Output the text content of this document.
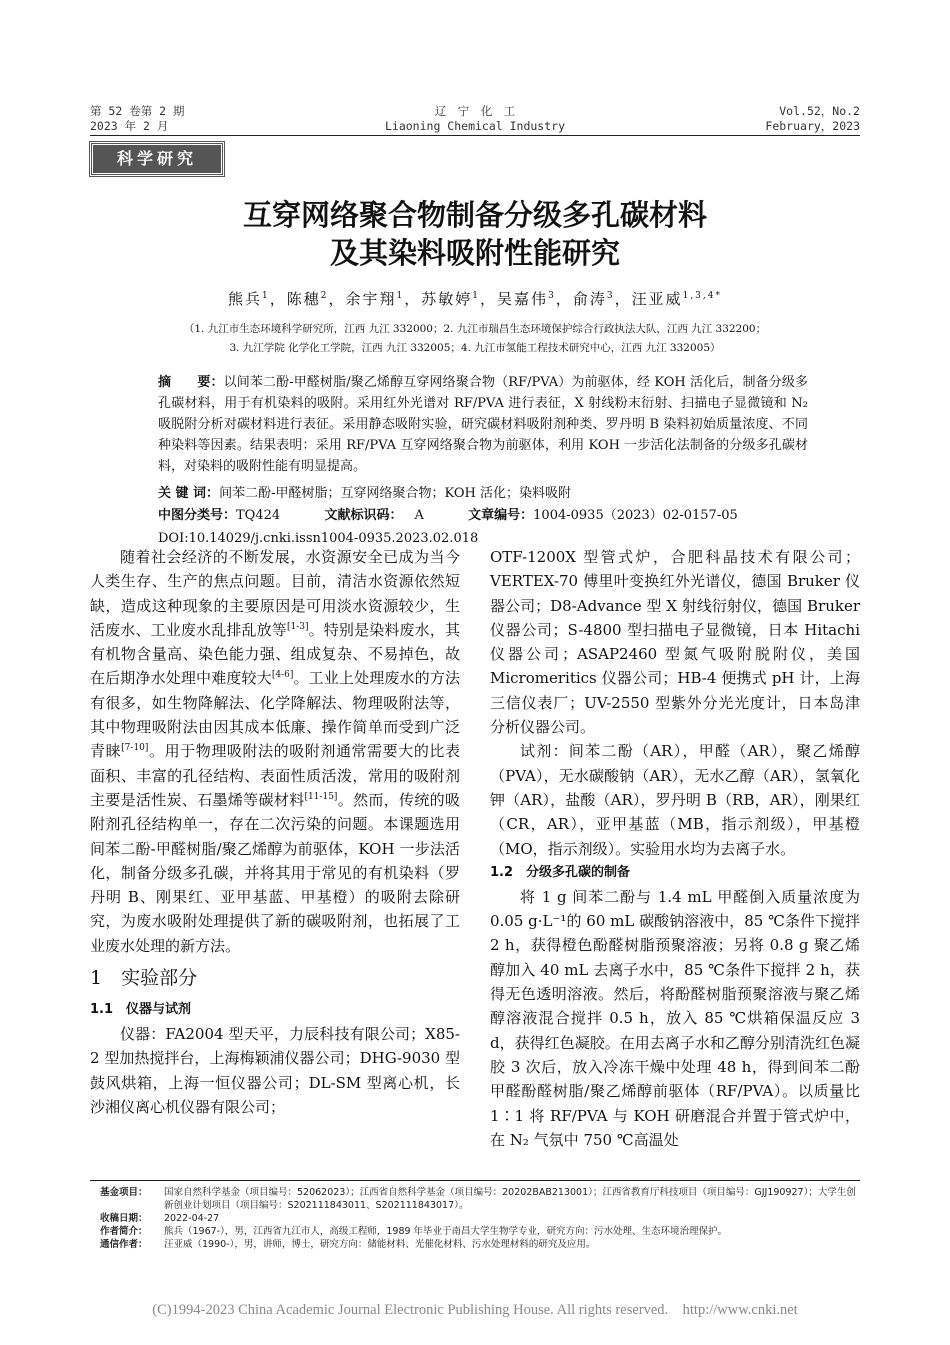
第 52 卷第 2 期
2023 年 2 月
辽　宁　化　工
Liaoning Chemical Industry
Vol.52，No.2
February，2023
科学研究
互穿网络聚合物制备分级多孔碳材料
及其染料吸附性能研究
熊兵$^1$，陈穗$^2$，余宇翔$^1$，苏敏婷$^1$，吴嘉伟$^3$，俞涛$^3$，汪亚威$^{1,3,4*}$
（1. 九江市生态环境科学研究所，江西 九江 332000；2. 九江市瑞昌生态环境保护综合行政执法大队，江西 九江 332200；
3. 九江学院 化学化工学院，江西 九江 332005；4. 九江市氢能工程技术研究中心，江西 九江 332005）
摘　　要：以间苯二酚-甲醛树脂/聚乙烯醇互穿网络聚合物（RF/PVA）为前驱体，经 KOH 活化后，制备分级多孔碳材料，用于有机染料的吸附。采用红外光谱对 RF/PVA 进行表征，X 射线粉末衍射、扫描电子显微镜和 N₂吸脱附分析对碳材料进行表征。采用静态吸附实验，研究碳材料吸附剂种类、罗丹明 B 染料初始质量浓度、不同种染料等因素。结果表明：采用 RF/PVA 互穿网络聚合物为前驱体，利用 KOH 一步活化法制备的分级多孔碳材料，对染料的吸附性能有明显提高。
关 键 词：间苯二酚-甲醛树脂；互穿网络聚合物；KOH 活化；染料吸附
中图分类号：TQ424	文献标识码： A	文章编号：1004-0935（2023）02-0157-05
DOI:10.14029/j.cnki.issn1004-0935.2023.02.018

随着社会经济的不断发展，水资源安全已成为当今人类生存、生产的焦点问题。目前，清洁水资源依然短缺，造成这种现象的主要原因是可用淡水资源较少，生活废水、工业废水乱排乱放等[1-3]。特别是染料废水，其有机物含量高、染色能力强、组成复杂、不易掉色，故在后期净水处理中难度较大[4-6]。工业上处理废水的方法有很多，如生物降解法、化学降解法、物理吸附法等，其中物理吸附法由因其成本低廉、操作简单而受到广泛青睐[7-10]。用于物理吸附法的吸附剂通常需要大的比表面积、丰富的孔径结构、表面性质活泼，常用的吸附剂主要是活性炭、石墨烯等碳材料[11-15]。然而，传统的吸附剂孔径结构单一，存在二次污染的问题。本课题选用间苯二酚-甲醛树脂/聚乙烯醇为前驱体，KOH 一步法活化，制备分级多孔碳，并将其用于常见的有机染料（罗丹明 B、刚果红、亚甲基蓝、甲基橙）的吸附去除研究，为废水吸附处理提供了新的碳吸附剂，也拓展了工业废水处理的新方法。

1　实验部分

1.1　仪器与试剂

仪器：FA2004 型天平，力辰科技有限公司；X85-2 型加热搅拌台，上海梅颖浦仪器公司；DHG-9030 型鼓风烘箱，上海一恒仪器公司；DL-SM 型离心机，长沙湘仪离心机仪器有限公司；

OTF-1200X 型管式炉，合肥科晶技术有限公司；VERTEX-70 傅里叶变换红外光谱仪，德国 Bruker 仪器公司；D8-Advance 型 X 射线衍射仪，德国 Bruker 仪器公司；S-4800 型扫描电子显微镜，日本 Hitachi 仪器公司；ASAP2460 型氮气吸附脱附仪，美国 Micromeritics 仪器公司；HB-4 便携式 pH 计，上海三信仪表厂；UV-2550 型紫外分光光度计，日本岛津分析仪器公司。

试剂：间苯二酚（AR），甲醛（AR），聚乙烯醇（PVA），无水碳酸钠（AR），无水乙醇（AR），氢氧化钾（AR），盐酸（AR），罗丹明 B（RB，AR），刚果红（CR，AR），亚甲基蓝（MB，指示剂级），甲基橙（MO，指示剂级）。实验用水均为去离子水。

1.2　分级多孔碳的制备

将 1 g 间苯二酚与 1.4 mL 甲醛倒入质量浓度为 0.05 g·L⁻¹的 60 mL 碳酸钠溶液中，85 ℃条件下搅拌 2 h，获得橙色酚醛树脂预聚溶液；另将 0.8 g 聚乙烯醇加入 40 mL 去离子水中，85 ℃条件下搅拌 2 h，获得无色透明溶液。然后，将酚醛树脂预聚溶液与聚乙烯醇溶液混合搅拌 0.5 h，放入 85 ℃烘箱保温反应 3 d，获得红色凝胶。在用去离子水和乙醇分别清洗红色凝胶 3 次后，放入冷冻干燥中处理 48 h，得到间苯二酚甲醛酚醛树脂/聚乙烯醇前驱体（RF/PVA）。以质量比 1∶1 将 RF/PVA 与 KOH 研磨混合并置于管式炉中，在 N₂ 气氛中 750 ℃高温处

基金项目：	国家自然科学基金（项目编号：52062023）；江西省自然科学基金（项目编号：20202BAB213001）；江西省教育厅科技项目（项目编号：GJJ190927）；大学生创新创业计划项目（项目编号：S202111843011、S202111843017）。
收稿日期：	2022-04-27
作者简介：	熊兵（1967-），男，江西省九江市人，高级工程师，1989 年毕业于南昌大学生物学专业，研究方向：污水处理、生态环境治理保护。
通信作者：	汪亚威（1990-），男，讲师，博士，研究方向：储能材料、光催化材料、污水处理材料的研究及应用。
(C)1994-2023 China Academic Journal Electronic Publishing House. All rights reserved.　http://www.cnki.net
